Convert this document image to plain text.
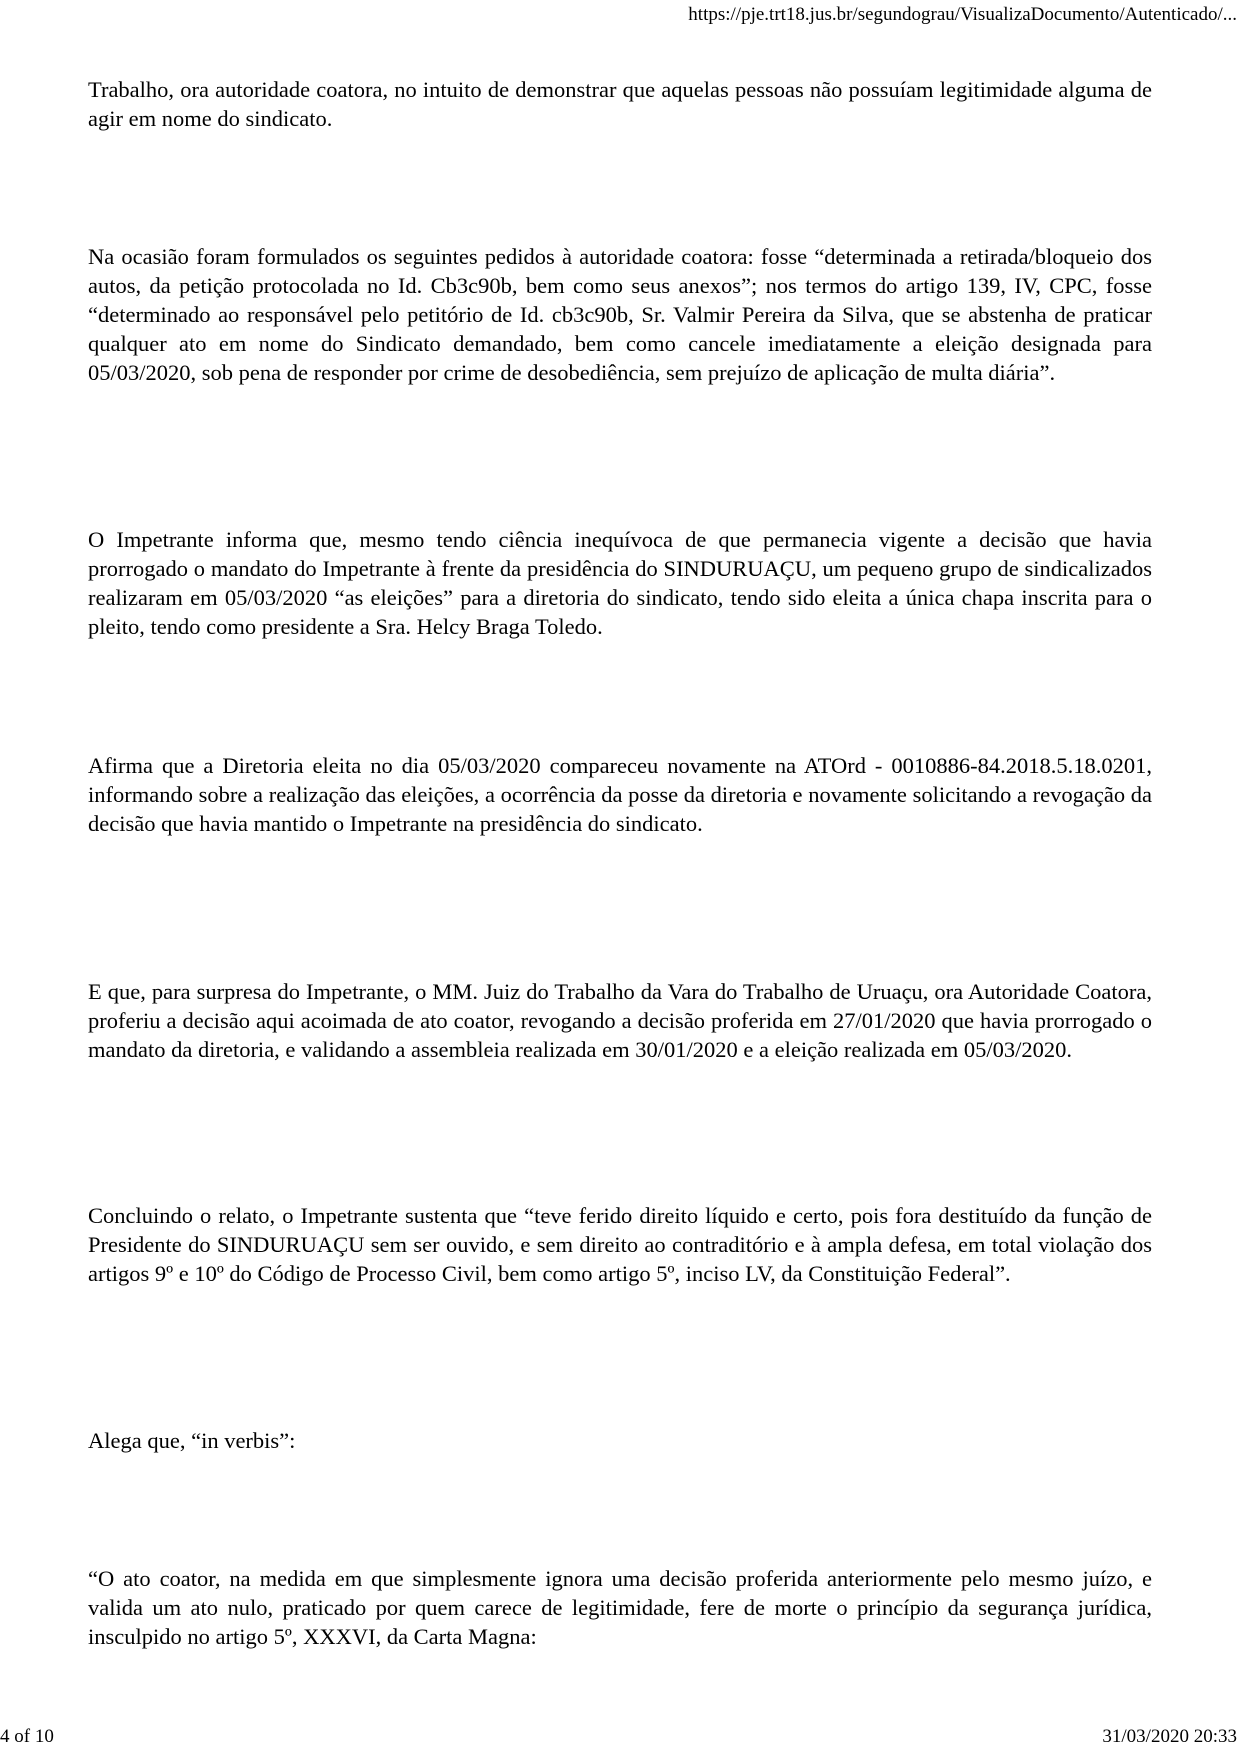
https://pje.trt18.jus.br/segundograu/VisualizaDocumento/Autenticado/...

Trabalho, ora autoridade coatora, no intuito de demonstrar que aquelas pessoas não possuíam legitimidade alguma de agir em nome do sindicato.

Na ocasião foram formulados os seguintes pedidos à autoridade coatora: fosse “determinada a retirada/bloqueio dos autos, da petição protocolada no Id. Cb3c90b, bem como seus anexos”; nos termos do artigo 139, IV, CPC, fosse “determinado ao responsável pelo petitório de Id. cb3c90b, Sr. Valmir Pereira da Silva, que se abstenha de praticar qualquer ato em nome do Sindicato demandado, bem como cancele imediatamente a eleição designada para 05/03/2020, sob pena de responder por crime de desobediência, sem prejuízo de aplicação de multa diária”.

O Impetrante informa que, mesmo tendo ciência inequívoca de que permanecia vigente a decisão que havia prorrogado o mandato do Impetrante à frente da presidência do SINDURUAÇU, um pequeno grupo de sindicalizados realizaram em 05/03/2020 “as eleições” para a diretoria do sindicato, tendo sido eleita a única chapa inscrita para o pleito, tendo como presidente a Sra. Helcy Braga Toledo.

Afirma que a Diretoria eleita no dia 05/03/2020 compareceu novamente na ATOrd - 0010886-84.2018.5.18.0201, informando sobre a realização das eleições, a ocorrência da posse da diretoria e novamente solicitando a revogação da decisão que havia mantido o Impetrante na presidência do sindicato.

E que, para surpresa do Impetrante, o MM. Juiz do Trabalho da Vara do Trabalho de Uruaçu, ora Autoridade Coatora, proferiu a decisão aqui acoimada de ato coator, revogando a decisão proferida em 27/01/2020 que havia prorrogado o mandato da diretoria, e validando a assembleia realizada em 30/01/2020 e a eleição realizada em 05/03/2020.

Concluindo o relato, o Impetrante sustenta que “teve ferido direito líquido e certo, pois fora destituído da função de Presidente do SINDURUAÇU sem ser ouvido, e sem direito ao contraditório e à ampla defesa, em total violação dos artigos 9º e 10º do Código de Processo Civil, bem como artigo 5º, inciso LV, da Constituição Federal”.

Alega que, “in verbis”:

“O ato coator, na medida em que simplesmente ignora uma decisão proferida anteriormente pelo mesmo juízo, e valida um ato nulo, praticado por quem carece de legitimidade, fere de morte o princípio da segurança jurídica, insculpido no artigo 5º, XXXVI, da Carta Magna:

4 of 10	31/03/2020 20:33
